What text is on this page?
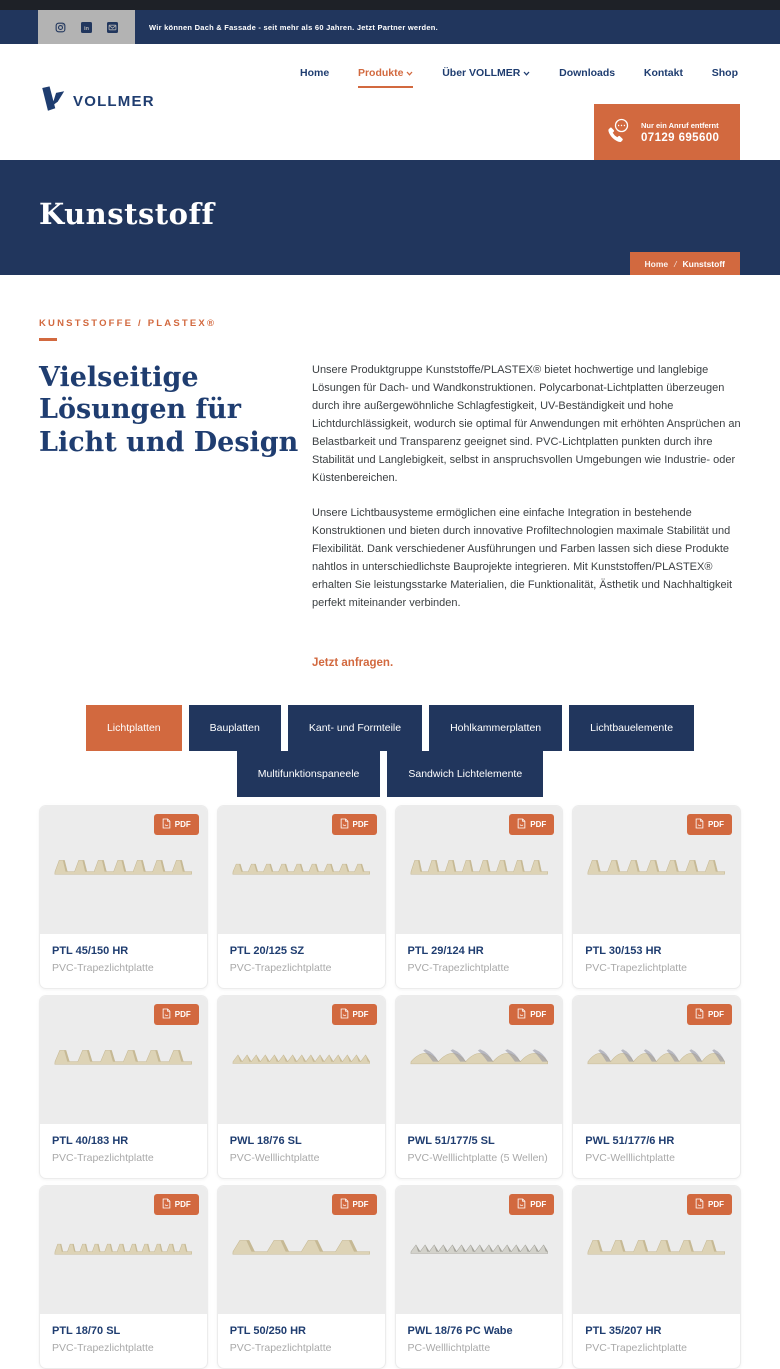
in	Wir können Dach & Fassade - seit mehr als 60 Jahren. Jetzt Partner werden.
VOLLMER
Home	Produkte	Über VOLLMER	Downloads	Kontakt	Shop
Nur ein Anruf entfernt
07129 695600
Kunststoff
Home / Kunststoff
KUNSTSTOFFE / PLASTEX®
Vielseitige Lösungen für Licht und Design

Unsere Produktgruppe Kunststoffe/PLASTEX® bietet hochwertige und langlebige Lösungen für Dach- und Wandkonstruktionen. Polycarbonat-Lichtplatten überzeugen durch ihre außergewöhnliche Schlagfestigkeit, UV-Beständigkeit und hohe Lichtdurchlässigkeit, wodurch sie optimal für Anwendungen mit erhöhten Ansprüchen an Belastbarkeit und Transparenz geeignet sind. PVC-Lichtplatten punkten durch ihre Stabilität und Langlebigkeit, selbst in anspruchsvollen Umgebungen wie Industrie- oder Küstenbereichen.

Unsere Lichtbausysteme ermöglichen eine einfache Integration in bestehende Konstruktionen und bieten durch innovative Profiltechnologien maximale Stabilität und Flexibilität. Dank verschiedener Ausführungen und Farben lassen sich diese Produkte nahtlos in unterschiedlichste Bauprojekte integrieren. Mit Kunststoffen/PLASTEX® erhalten Sie leistungsstarke Materialien, die Funktionalität, Ästhetik und Nachhaltigkeit perfekt miteinander verbinden.

Jetzt anfragen.
Lichtplatten	Bauplatten	Kant- und Formteile	Hohlkammerplatten	Lichtbauelemente
Multifunktionspaneele	Sandwich Lichtelemente
PDF

PTL 45/150 HR

PVC-Trapezlichtplatte

PDF

PTL 20/125 SZ

PVC-Trapezlichtplatte

PDF

PTL 29/124 HR

PVC-Trapezlichtplatte

PDF

PTL 30/153 HR

PVC-Trapezlichtplatte

PDF

PTL 40/183 HR

PVC-Trapezlichtplatte

PDF

PWL 18/76 SL

PVC-Welllichtplatte

PDF

PWL 51/177/5 SL

PVC-Welllichtplatte (5 Wellen)

PDF

PWL 51/177/6 HR

PVC-Welllichtplatte

PDF

PTL 18/70 SL

PVC-Trapezlichtplatte

PDF

PTL 50/250 HR

PVC-Trapezlichtplatte

PDF

PWL 18/76 PC Wabe

PC-Welllichtplatte

PDF

PTL 35/207 HR

PVC-Trapezlichtplatte
